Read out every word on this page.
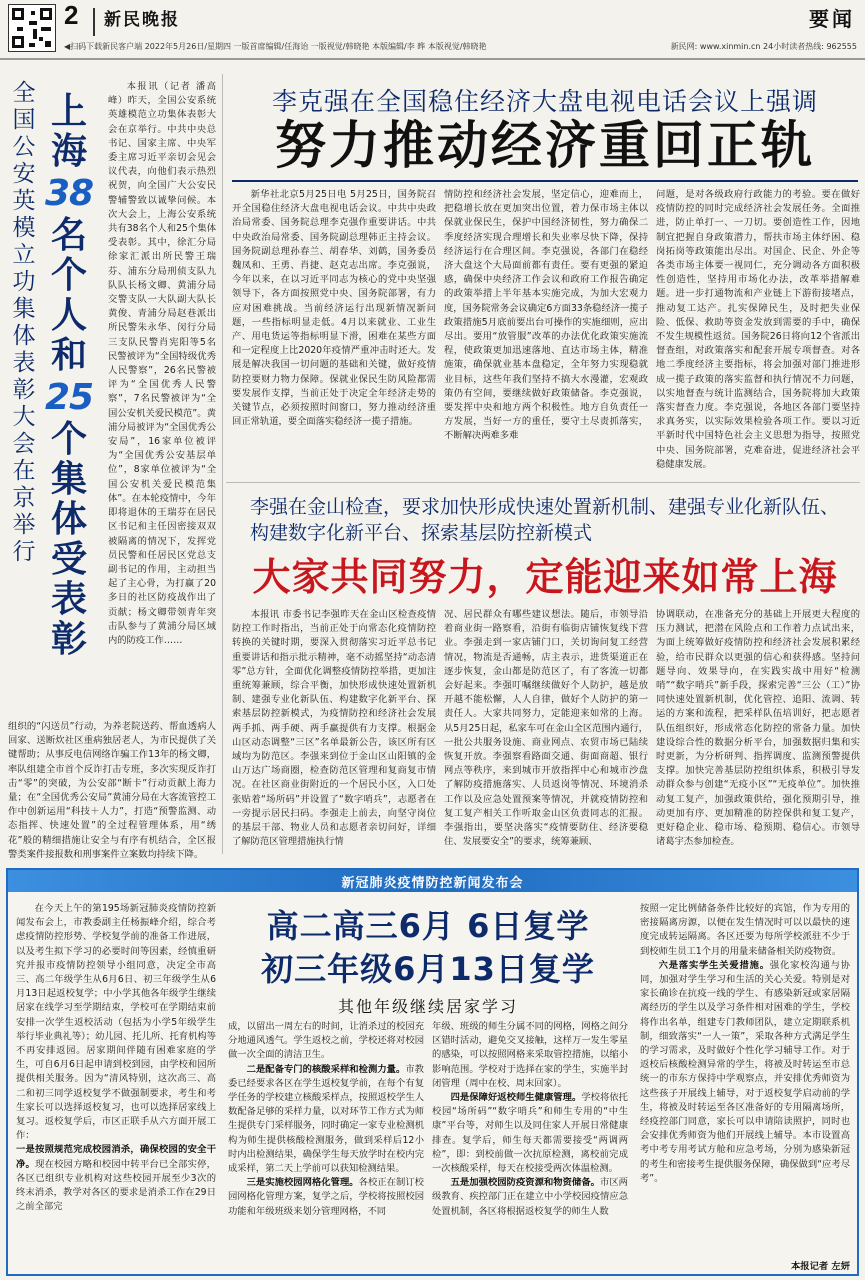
2 新民晚报	要闻
◀扫码下载新民客户端 2022年5月26日/星期四 一版首席编辑/任海诒 一版视觉/韩晓艳 本版编辑/李 晔 本版视觉/韩晓艳	新民网: www.xinmin.cn 24小时读者热线: 962555
全国公安英模立功集体表彰大会在京举行
上海
38
名个人和
25
个集体受表彰

本报讯（记者 潘高峰）昨天，全国公安系统英雄模范立功集体表彰大会在京举行。中共中央总书记、国家主席、中央军委主席习近平亲切会见会议代表，向他们表示热烈祝贺，向全国广大公安民警辅警致以诚挚问候。本次大会上，上海公安系统共有38名个人和25个集体受表彰。其中，徐汇分局徐家汇派出所民警王瑞芬、浦东分局刑侦支队九队队长杨文卿、黄浦分局交警支队一大队副大队长黄俊、青浦分局赵巷派出所民警朱永华、闵行分局三支队民警肖宪阳等5名民警被评为“全国特级优秀人民警察”，26名民警被评为“全国优秀人民警察”，7名民警被评为“全国公安机关爱民模范”。黄浦分局被评为“全国优秀公安局”，16家单位被评为“全国优秀公安基层单位”，8家单位被评为“全国公安机关爱民模范集体”。在本轮疫情中，今年即将退休的王瑞芬在居民区书记和主任因密接双双被隔离的情况下，发挥党员民警和任居民区党总支副书记的作用，主动担当起了主心骨，为打赢了20多日的社区防疫战作出了贡献；杨文卿带领青年突击队参与了黄浦分局区域内的防疫工作……

组织的“闪送员”行动，为养老院送药、帮血透病人回家、送断炊社区重病独居老人，为市民提供了关键帮助；从事反电信网络诈骗工作13年的杨文卿，率队组建全市首个反诈打击专班，多次实现反诈打击“零”的突破，为公安部“断卡”行动贡献上海力量；在“全国优秀公安局”黄浦分局在大客流管控工作中创新运用“科技＋人力”，打造“预警监测、动态指挥、快速处置”的全过程管理体系，用“绣花”般的精细措施让安全与有序有机结合，全区报警类案件接报数和刑事案件立案数均持续下降。

李克强在全国稳住经济大盘电视电话会议上强调
努力推动经济重回正轨

新华社北京5月25日电 5月25日，国务院召开全国稳住经济大盘电视电话会议。中共中央政治局常委、国务院总理李克强作重要讲话。中共中央政治局常委、国务院副总理韩正主持会议。国务院副总理孙春兰、胡春华、刘鹤，国务委员魏凤和、王勇、肖捷、赵克志出席。李克强说，今年以来，在以习近平同志为核心的党中央坚强领导下，各方面按照党中央、国务院部署，有力应对困难挑战。当前经济运行出现新情况新问题，一些指标明显走低。4月以来就业、工业生产、用电货运等指标明显下滑，困难在某些方面和一定程度上比2020年疫情严重冲击时还大。发展是解决我国一切问题的基础和关键，做好疫情防控要财力物力保障。保就业保民生防风险都需要发展作支撑，当前正处于决定全年经济走势的关键节点，必须按照时间窗口，努力推动经济重回正常轨道，要全面落实稳经济一揽子措施。

情防控和经济社会发展，坚定信心，迎难而上，把稳增长放在更加突出位置，着力保市场主体以保就业保民生，保护中国经济韧性，努力确保二季度经济实现合理增长和失业率尽快下降，保持经济运行在合理区间。李克强说，各部门在稳经济大盘这个大局面前都有责任。要有更强的紧迫感，确保中央经济工作会议和政府工作报告确定的政策举措上半年基本实施完成，为加大宏观力度，国务院常务会议确定6方面33条稳经济一揽子政策措施5月底前要出台可操作的实施细则，应出尽出。要用“放管服”改革的办法优化政策实施流程，使政策更加迅速落地、直达市场主体，精准施策，确保就业基本盘稳定，全年努力实现稳就业目标，这些年我们坚持不搞大水漫灌，宏观政策仍有空间，要继续做好政策储备。李克强说，要发挥中央和地方两个积极性。地方自负责任一方发展，当好一方的重任，要守土尽责抓落实，不断解决两难多难

问题，是对各级政府行政能力的考验。要在做好疫情防控的同时完成经济社会发展任务。全面推进，防止单打一、一刀切。要创造性工作，因地制宜把握自身政策潜力，帮扶市场主体纾困、稳岗拓岗等政策能出尽出。对国企、民企、外企等各类市场主体要一视同仁，充分调动各方面积极性创造性，坚持用市场化办法，改革举措解难题。进一步打通物流和产业链上下游衔接堵点，推动复工达产。扎实保障民生，及时把失业保险、低保、救助等资金发放到需要的手中，确保不发生规模性返贫。国务院26日将向12个省派出督查组，对政策落实和配套开展专项督查。对各地二季度经济主要指标，将会加强对部门推进形成一揽子政策的落实监督和执行情况不力问题，以实地督查与统计监测结合，国务院将加大政策落实督查力度。李克强说，各地区各部门要坚持求真务实，以实际效果检验各项工作。要以习近平新时代中国特色社会主义思想为指导，按照党中央、国务院部署，克难奋进，促进经济社会平稳健康发展。

李强在金山检查，要求加快形成快速处置新机制、建强专业化新队伍、构建数字化新平台、探索基层防控新模式
大家共同努力，定能迎来如常上海

本报讯 市委书记李强昨天在金山区检查疫情防控工作时指出，当前正处于向常态化疫情防控转换的关键时期，要深入贯彻落实习近平总书记重要讲话和指示批示精神，毫不动摇坚持“动态清零”总方针，全面优化调整疫情防控举措，更加注重统筹兼顾，综合平衡，加快形成快速处置新机制、建强专业化新队伍、构建数字化新平台、探索基层防控新模式，为疫情防控和经济社会发展两手抓、两手硬、两手赢提供有力支撑。根据金山区动态调整“三区”名单最新公告，该区所有区域均为防范区。李强来到位于金山区山阳镇的金山万达广场商圈，检查防范区管理和复商复市情况。在社区商业街附近的一个居民小区，入口处张贴着“场所码”并设置了“数字哨兵”，志愿者在一旁提示居民扫码。李强走上前去，向坚守岗位的基层干部、物业人员和志愿者亲切问好，详细了解防范区管理措施执行情

况、居民群众有哪些建议想法。随后，市领导沿着商业街一路察看，沿街有临街店铺恢复线下营业。李强走到一家店铺门口，关切询问复工经营情况，物流是否通畅，店主表示，进货渠道正在逐步恢复，金山都是防范区了，有了客流一切都会好起来。李强叮嘱继续做好个人防护，越是放开越不能松懈，人人自律，做好个人防护的第一责任人。大家共同努力，定能迎来如常的上海。从5月25日起，私家车可在金山全区范围内通行，一批公共服务设施、商业网点、农贸市场已陆续恢复开放。李强察看路面交通、街面商超、银行网点等秩序，来到城市开放指挥中心和城市沙盘了解防疫措施落实、人员返岗等情况、环境消杀工作以及应急处置预案等情况，并就疫情防控和复工复产相关工作听取金山区负责同志的汇报。李强指出，要坚决落实“疫情要防住、经济要稳住、发展要安全”的要求，统筹兼顾、

协调联动，在准备充分的基础上开展更大程度的压力测试，把潜在风险点和工作着力点试出来，为面上统筹做好疫情防控和经济社会发展积累经验，给市民群众以更强的信心和获得感。坚持问题导向、效果导向，在实践实战中用好“检测哨”“数字哨兵”新手段，探索完善“三公（工）”协同快速处置新机制，优化管控、追阳、流调、转运的方案和流程，把采样队伍培训好，把志愿者队伍组织好，形成常态化防控的常备力量。加快建设综合性的数据分析平台，加强数据归集和实时更新，为分析研判、指挥调度、监测预警提供支撑。加快完善基层防控组织体系，积极引导发动群众参与创建“无疫小区”“无疫单位”。加快推动复工复产，加强政策供给，强化预期引导，推动更加有序、更加精准的防控保供和复工复产，更好稳企业、稳市场、稳预期、稳信心。市领导诸葛宇杰参加检查。

新冠肺炎疫情防控新闻发布会
高二高三6月 6日复学
初三年级6月13日复学
其他年级继续居家学习

在今天上午的第195场新冠肺炎疫情防控新闻发布会上，市教委副主任杨振峰介绍，综合考虑疫情防控形势、学校复学前的准备工作进展，以及考生拟下学习的必要时间等因素，经慎重研究并报市疫情防控领导小组同意，决定全市高三、高二年级学生从6月6日、初三年级学生从6月13日起返校复学；中小学其他各年级学生继续居家在线学习至学期结束，学校可在学期结束前安排一次学生返校活动（包括为小学5年级学生举行毕业典礼等）；幼儿园、托儿所、托育机构等不再安排返园。居家期间伴随有困难家庭的学生，可自6月6日起申请到校到园，由学校和园所提供相关服务。因为“清风特别，这次高三、高二和初三同学返校复学不做强制要求，考生和考生家长可以选择返校复习，也可以选择居家线上复习。返校复学后，市区正联手从六方面开展工作：

一是按照规范完成校园消杀，确保校园的安全干净。现在校园方略和校园中转平台已全部实停，各区已组织专业机构对这些校园开展至少3次的终末消杀，教学对各区的要求是消杀工作在29日之前全部完

成，以留出一周左右的时间，让消杀过的校园充分地通风透气。学生返校之前，学校还将对校园做一次全面的清洁卫生。

二是配备专门的核酸采样和检测力量。市教委已经要求各区在学生返校复学前，在每个有复学任务的学校建立核酸采样点，按照返校学生人数配备足够的采样力量，以对环节工作方式为师生提供专门采样服务，同时确定一家专业检测机构为师生提供核酸检测服务，做到采样后12小时内出检测结果，确保学生每天放学时在校内完成采样，第二天上学前可以获知检测结果。

三是实施校园网格化管理。各校正在制订校园网格化管理方案，复学之后，学校将按照校园功能和年级班级来划分管理网格，不同

年级、班级的师生分属不同的网格，网格之间分区错时活动，避免交叉接触，这样万一发生零星的感染，可以按照网格来采取管控措施，以缩小影响范围。学校对于选择在家的学生，实施半封闭管理（周中在校、周末回家）。

四是保障好返校师生健康管理。学校将依托校园“场所码”“数字哨兵”和师生专用的“中生康”平台等，对师生以及同住家人开展日常健康排查。复学后，师生每天都需要接受“两调两检”，即：到校前做一次抗原检测，离校前完成一次核酸采样，每天在校接受两次体温检测。

五是加强校园防疫资源和物资储备。市区两级教育、疾控部门正在建立中小学校园疫情应急处置机制，各区将根据返校复学的师生人数

按照一定比例储备条件比较好的宾馆，作为专用的密接隔离房源，以便在发生情况时可以以最快的速度完成转运隔离。各区还要为每所学校派驻不少于到校师生员工1个月的用量来储备相关防疫物资。

六是落实学生关爱措施。强化家校沟通与协同，加强对学生学习和生活的关心关爱。特别是对家长确诊在抗疫一线的学生、有感染新冠或家居隔离经历的学生以及学习条件相对困难的学生，学校将作出名单，组建专门教师团队，建立定期联系机制，细致落实“一人一策”，采取各种方式满足学生的学习需求，及时做好个性化学习辅导工作。对于返校后核酸检测异常的学生，将被及时转运至市总统一的市东方保持中学观察点，并安排优秀师资为这些孩子开展线上辅导，对于返校复学启动前的学生，将被及时转运至各区准备好的专用隔离场所，经疫控部门同意，家长可以申请陪读照护，同时也会安排优秀师资为他们开展线上辅导。本市设置高考中考专用考试方舱和应急考场，分别为感染新冠的考生和密接考生提供服务保障，确保做到“应考尽考”。

本报记者 左妍
